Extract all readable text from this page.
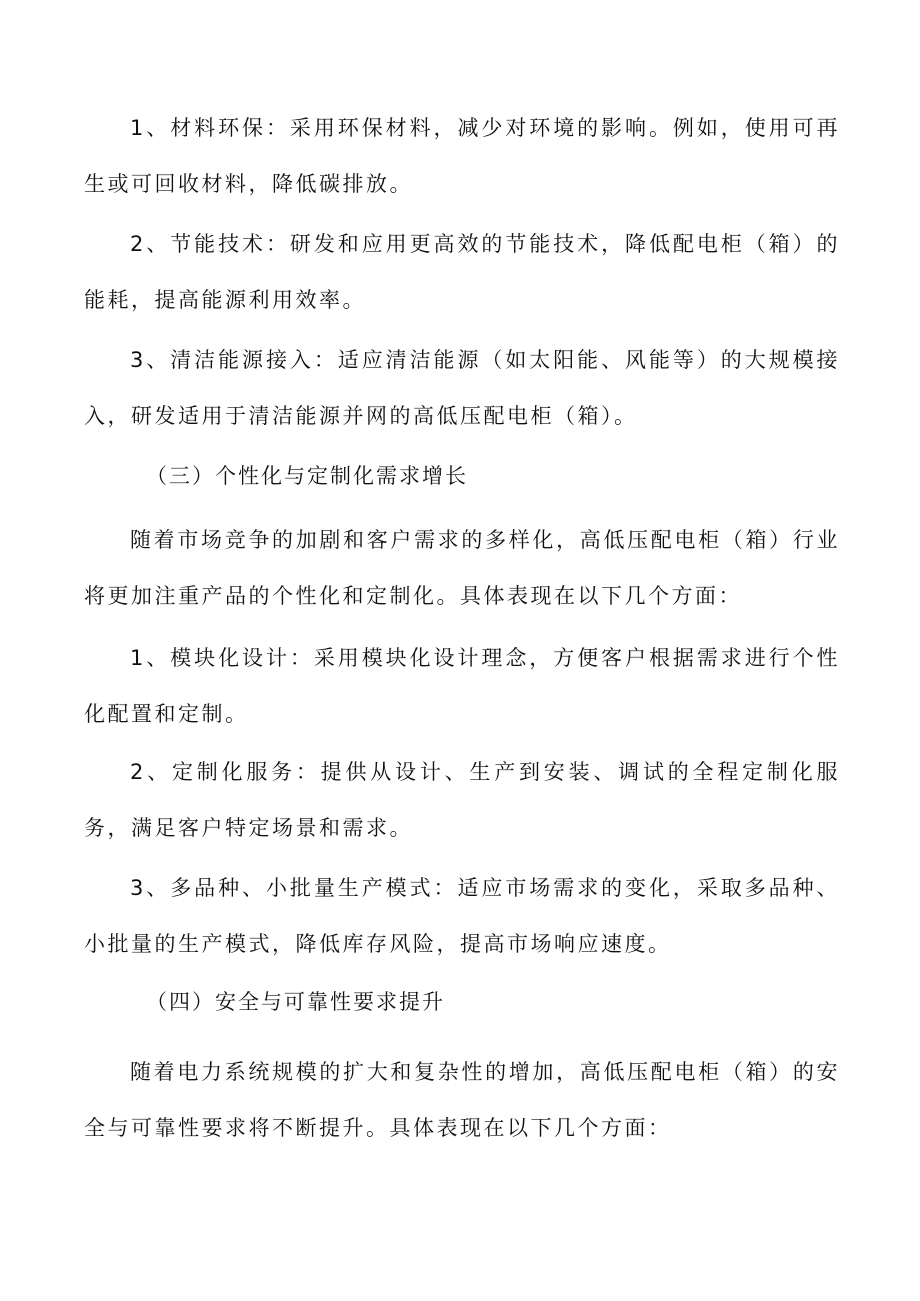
1、材料环保：采用环保材料，减少对环境的影响。例如，使用可再生或可回收材料，降低碳排放。

2、节能技术：研发和应用更高效的节能技术，降低配电柜（箱）的能耗，提高能源利用效率。

3、清洁能源接入：适应清洁能源（如太阳能、风能等）的大规模接入，研发适用于清洁能源并网的高低压配电柜（箱）。

（三）个性化与定制化需求增长

随着市场竞争的加剧和客户需求的多样化，高低压配电柜（箱）行业将更加注重产品的个性化和定制化。具体表现在以下几个方面：

1、模块化设计：采用模块化设计理念，方便客户根据需求进行个性化配置和定制。

2、定制化服务：提供从设计、生产到安装、调试的全程定制化服务，满足客户特定场景和需求。

3、多品种、小批量生产模式：适应市场需求的变化，采取多品种、小批量的生产模式，降低库存风险，提高市场响应速度。

（四）安全与可靠性要求提升

随着电力系统规模的扩大和复杂性的增加，高低压配电柜（箱）的安全与可靠性要求将不断提升。具体表现在以下几个方面：
